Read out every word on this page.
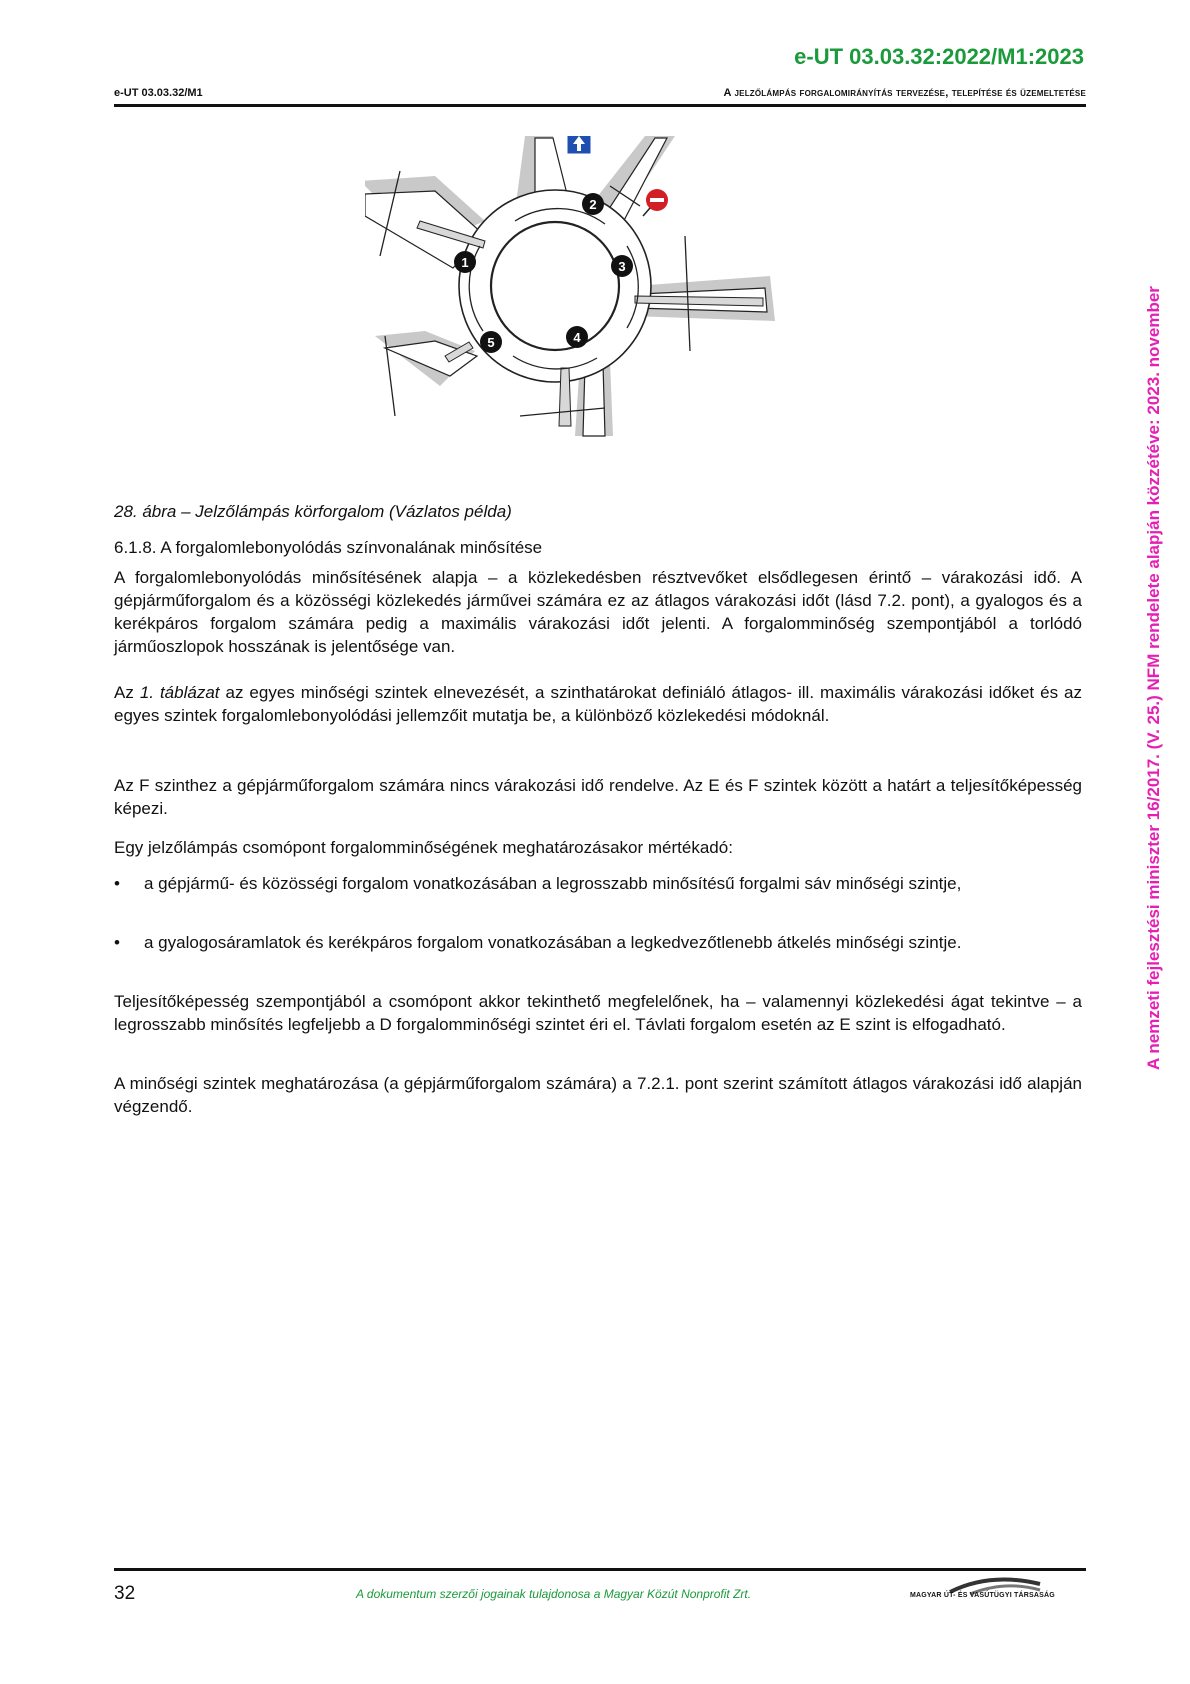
e-UT 03.03.32:2022/M1:2023
e-UT 03.03.32/M1	A jelzőlámpás forgalomirányítás tervezése, telepítése és üzemeltetése
A nemzeti fejlesztési miniszter 16/2017. (V. 25.) NFM rendelete alapján közzétéve: 2023. november
1
2
3
4
5
28. ábra – Jelzőlámpás körforgalom (Vázlatos példa)
6.1.8. A forgalomlebonyolódás színvonalának minősítése

A forgalomlebonyolódás minősítésének alapja – a közlekedésben résztvevőket elsődlegesen érintő – várakozási idő. A gépjárműforgalom és a közösségi közlekedés járművei számára ez az átlagos várakozási időt (lásd 7.2. pont), a gyalogos és a kerékpáros forgalom számára pedig a maximális várakozási időt jelenti. A forgalomminőség szempontjából a torlódó járműoszlopok hosszának is jelentősége van.

Az 1. táblázat az egyes minőségi szintek elnevezését, a szinthatárokat definiáló átlagos- ill. maximális várakozási időket és az egyes szintek forgalomlebonyolódási jellemzőit mutatja be, a különböző közlekedési módoknál.

Az F szinthez a gépjárműforgalom számára nincs várakozási idő rendelve. Az E és F szintek között a határt a teljesítőképesség képezi.

Egy jelzőlámpás csomópont forgalomminőségének meghatározásakor mértékadó:

• a gépjármű- és közösségi forgalom vonatkozásában a legrosszabb minősítésű forgalmi sáv minőségi szintje,
• a gyalogosáramlatok és kerékpáros forgalom vonatkozásában a legkedvezőtlenebb átkelés minőségi szintje.

Teljesítőképesség szempontjából a csomópont akkor tekinthető megfelelőnek, ha – valamennyi közlekedési ágat tekintve – a legrosszabb minősítés legfeljebb a D forgalomminőségi szintet éri el. Távlati forgalom esetén az E szint is elfogadható.

A minőségi szintek meghatározása (a gépjárműforgalom számára) a 7.2.1. pont szerint számított átlagos várakozási idő alapján végzendő.

32	A dokumentum szerzői jogainak tulajdonosa a Magyar Közút Nonprofit Zrt.	MAGYAR ÚT- ÉS VASÚTÜGYI TÁRSASÁG
